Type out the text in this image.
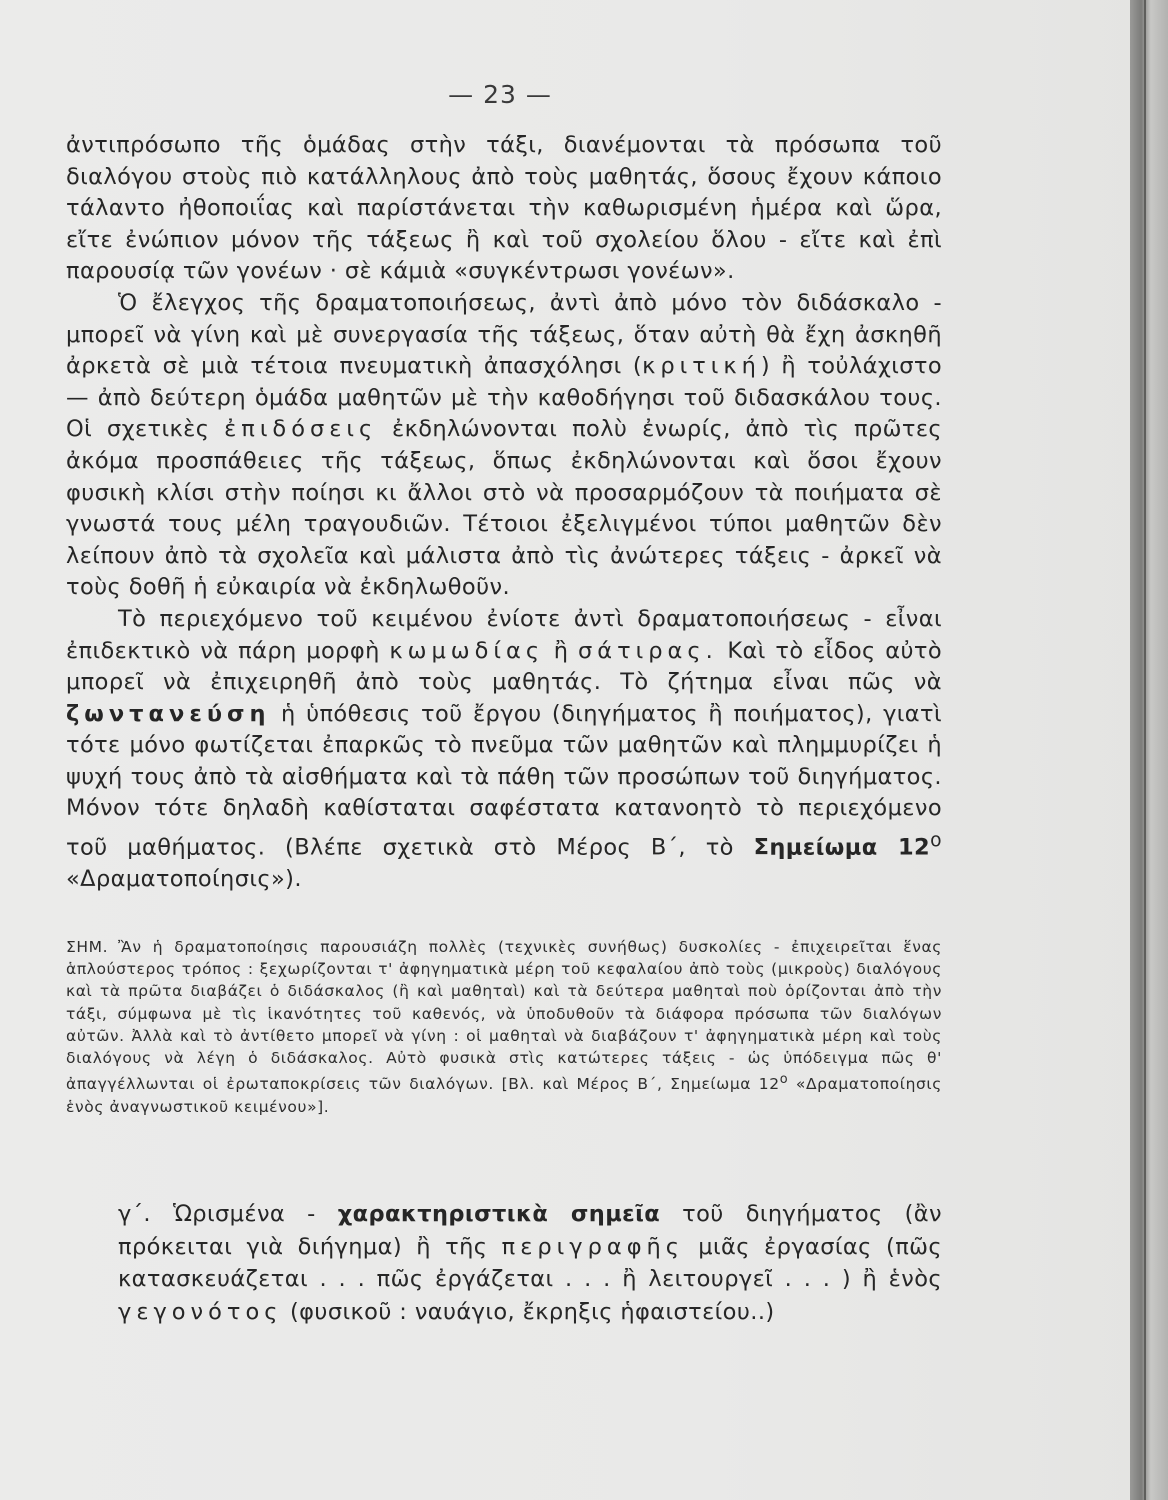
— 23 —

ἀντιπρόσωπο τῆς ὁμάδας στὴν τάξι, διανέμονται τὰ πρόσωπα τοῦ διαλόγου στοὺς πιὸ κατάλληλους ἀπὸ τοὺς μαθητάς, ὅσους ἔχουν κάποιο τάλαντο ἠθοποιΐας καὶ παρίστάνεται τὴν καθωρισμένη ἡμέρα καὶ ὥρα, εἴτε ἐνώπιον μόνον τῆς τάξεως ἢ καὶ τοῦ σχολείου ὅλου - εἴτε καὶ ἐπὶ παρουσίᾳ τῶν γονέων · σὲ κάμιὰ «συγκέντρωσι γονέων».

Ὁ ἔλεγχος τῆς δραματοποιήσεως, ἀντὶ ἀπὸ μόνο τὸν διδάσκαλο - μπορεῖ νὰ γίνη καὶ μὲ συνεργασία τῆς τάξεως, ὅταν αὐτὴ θὰ ἔχη ἀσκηθῆ ἀρκετὰ σὲ μιὰ τέτοια πνευματικὴ ἀπασχόλησι (κριτική) ἢ τοὐλάχιστο — ἀπὸ δεύτερη ὁμάδα μαθητῶν μὲ τὴν καθοδήγησι τοῦ διδασκάλου τους. Οἱ σχετικὲς ἐπιδόσεις ἐκδηλώνονται πολὺ ἐνωρίς, ἀπὸ τὶς πρῶτες ἀκόμα προσπάθειες τῆς τάξεως, ὅπως ἐκδηλώνονται καὶ ὅσοι ἔχουν φυσικὴ κλίσι στὴν ποίησι κι ἄλλοι στὸ νὰ προσαρμόζουν τὰ ποιήματα σὲ γνωστά τους μέλη τραγουδιῶν. Τέτοιοι ἐξελιγμένοι τύποι μαθητῶν δὲν λείπουν ἀπὸ τὰ σχολεῖα καὶ μάλιστα ἀπὸ τὶς ἀνώτερες τάξεις - ἀρκεῖ νὰ τοὺς δοθῆ ἡ εὐκαιρία νὰ ἐκδηλωθοῦν.

Τὸ περιεχόμενο τοῦ κειμένου ἐνίοτε ἀντὶ δραματοποιήσεως - εἶναι ἐπιδεκτικὸ νὰ πάρη μορφὴ κωμωδίας ἢ σάτιρας. Καὶ τὸ εἶδος αὐτὸ μπορεῖ νὰ ἐπιχειρηθῆ ἀπὸ τοὺς μαθητάς. Τὸ ζήτημα εἶναι πῶς νὰ ζωντανεύση ἡ ὑπόθεσις τοῦ ἔργου (διηγήματος ἢ ποιήματος), γιατὶ τότε μόνο φωτίζεται ἐπαρκῶς τὸ πνεῦμα τῶν μαθητῶν καὶ πλημμυρίζει ἡ ψυχή τους ἀπὸ τὰ αἰσθήματα καὶ τὰ πάθη τῶν προσώπων τοῦ διηγήματος. Μόνον τότε δηλαδὴ καθίσταται σαφέστατα κατανοητὸ τὸ περιεχόμενο τοῦ μαθήματος. (Βλέπε σχετικὰ στὸ Μέρος Β΄, τὸ Σημείωμα $12^o$ «Δραματοποίησις»).

ΣΗΜ. Ἂν ἡ δραματοποίησις παρουσιάζη πολλὲς (τεχνικὲς συνήθως) δυσκολίες - ἐπιχειρεῖται ἕνας ἁπλούστερος τρόπος : ξεχωρίζονται τ' ἀφηγηματικὰ μέρη τοῦ κεφαλαίου ἀπὸ τοὺς (μικροὺς) διαλόγους καὶ τὰ πρῶτα διαβάζει ὁ διδάσκαλος (ἢ καὶ μαθηταὶ) καὶ τὰ δεύτερα μαθηταὶ ποὺ ὁρίζονται ἀπὸ τὴν τάξι, σύμφωνα μὲ τὶς ἱκανότητες τοῦ καθενός, νὰ ὑποδυθοῦν τὰ διάφορα πρόσωπα τῶν διαλόγων αὐτῶν. Ἀλλὰ καὶ τὸ ἀντίθετο μπορεῖ νὰ γίνη : οἱ μαθηταὶ νὰ διαβάζουν τ' ἀφηγηματικὰ μέρη καὶ τοὺς διαλόγους νὰ λέγη ὁ διδάσκαλος. Αὐτὸ φυσικὰ στὶς κατώτερες τάξεις - ὡς ὑπόδειγμα πῶς θ' ἀπαγγέλλωνται οἱ ἐρωταποκρίσεις τῶν διαλόγων. [Βλ. καὶ Μέρος Β΄, Σημείωμα $12^o$ «Δραματοποίησις ἑνὸς ἀναγνωστικοῦ κειμένου»].
γ΄. Ὡρισμένα - χαρακτηριστικὰ σημεῖα τοῦ διηγήματος (ἂν πρόκειται γιὰ διήγημα) ἢ τῆς περιγραφῆς μιᾶς ἐργασίας (πῶς κατασκευάζεται . . . πῶς ἐργάζεται . . . ἢ λειτουργεῖ . . . ) ἢ ἑνὸς γεγονότος (φυσικοῦ : ναυάγιο, ἔκρηξις ἡφαιστείου..)
